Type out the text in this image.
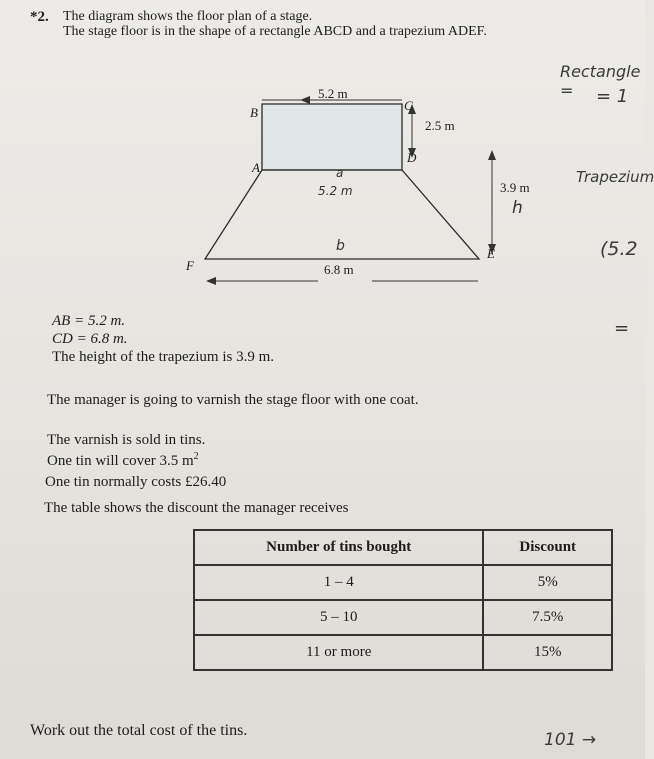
*2. The diagram shows the floor plan of a stage.
The stage floor is in the shape of a rectangle ABCD and a trapezium ADEF.
B	C
A
D
E
F
5.2 m
2.5 m
3.9 m
6.8 m
a
5.2 m
b
h
AB = 5.2 m.
CD = 6.8 m.
The height of the trapezium is 3.9 m.
The manager is going to varnish the stage floor with one coat.
The varnish is sold in tins.
One tin will cover 3.5 $m^2$
One tin normally costs £26.40
The table shows the discount the manager receives
Number of tins bought	Discount
1 – 4	5%
5 – 10	7.5%
11 or more	15%
Work out the total cost of the tins.
Rectangle =	= 1
Trapezium
(5.2
=
101 →
